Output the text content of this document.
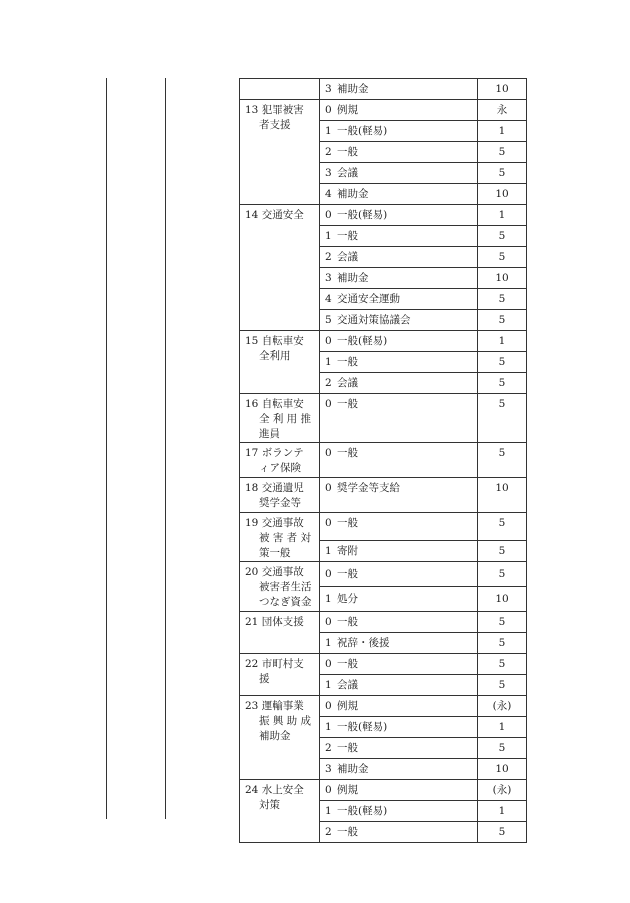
	3 補助金	10

13 犯罪被害
者支援	0 例規	永

	1 一般(軽易)	1

	2 一般	5

	3 会議	5

	4 補助金	10

14 交通安全	0 一般(軽易)	1

	1 一般	5

	2 会議	5

	3 補助金	10

	4 交通安全運動	5

	5 交通対策協議会	5

15 自転車安
全利用	0 一般(軽易)	1

	1 一般	5

	2 会議	5

16 自転車安
全 利 用 推
進員	0 一般	5

17 ボランテ
ィア保険	0 一般	5

18 交通遺児
奨学金等	0 奨学金等支給	10

19 交通事故
被 害 者 対
策一般	0 一般	5

	1 寄附	5

20 交通事故
被害者生活
つなぎ資金	0 一般	5

	1 処分	10

21 団体支援	0 一般	5

	1 祝辞・後援	5

22 市町村支
援	0 一般	5

	1 会議	5

23 運輸事業
振 興 助 成
補助金	0 例規	(永)

	1 一般(軽易)	1

	2 一般	5

	3 補助金	10

24 水上安全
対策	0 例規	(永)

	1 一般(軽易)	1

	2 一般	5
